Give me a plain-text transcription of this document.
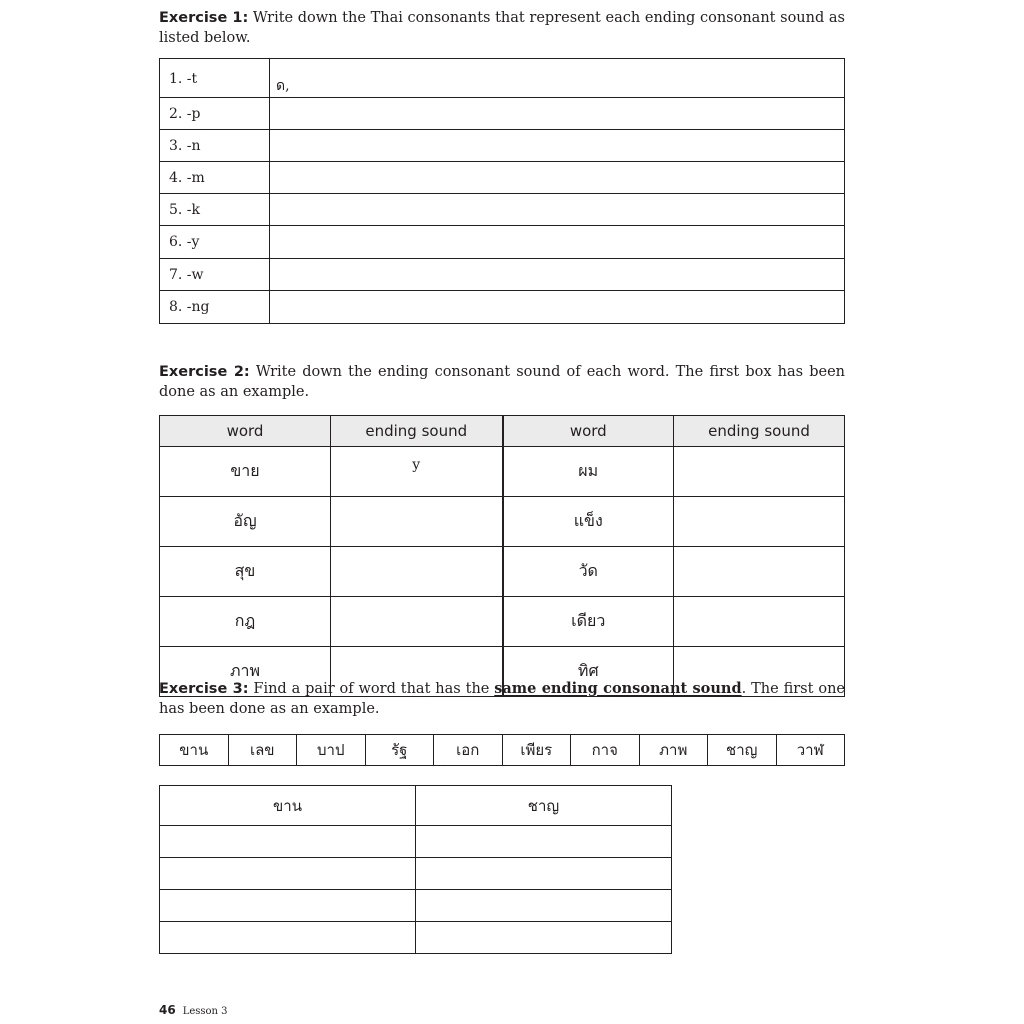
Exercise 1: Write down the Thai consonants that represent each ending consonant sound as listed below.
1. -t	ด,
2. -p	
3. -n	
4. -m	
5. -k	
6. -y	
7. -w	
8. -ng	
Exercise 2: Write down the ending consonant sound of each word. The first box has been done as an example.
word	ending sound	word	ending sound
ขาย	y	ผม	
อัญ		แข็ง	
สุข		วัด	
กฎ		เดียว	
ภาพ		ทิศ	
Exercise 3: Find a pair of word that has the same ending consonant sound. The first one has been done as an example.
ขาน	เลข	บาป	รัฐ	เอก	เพียร	กาจ	ภาพ	ชาญ	วาฬ
ขาน	ชาญ

46 Lesson 3
